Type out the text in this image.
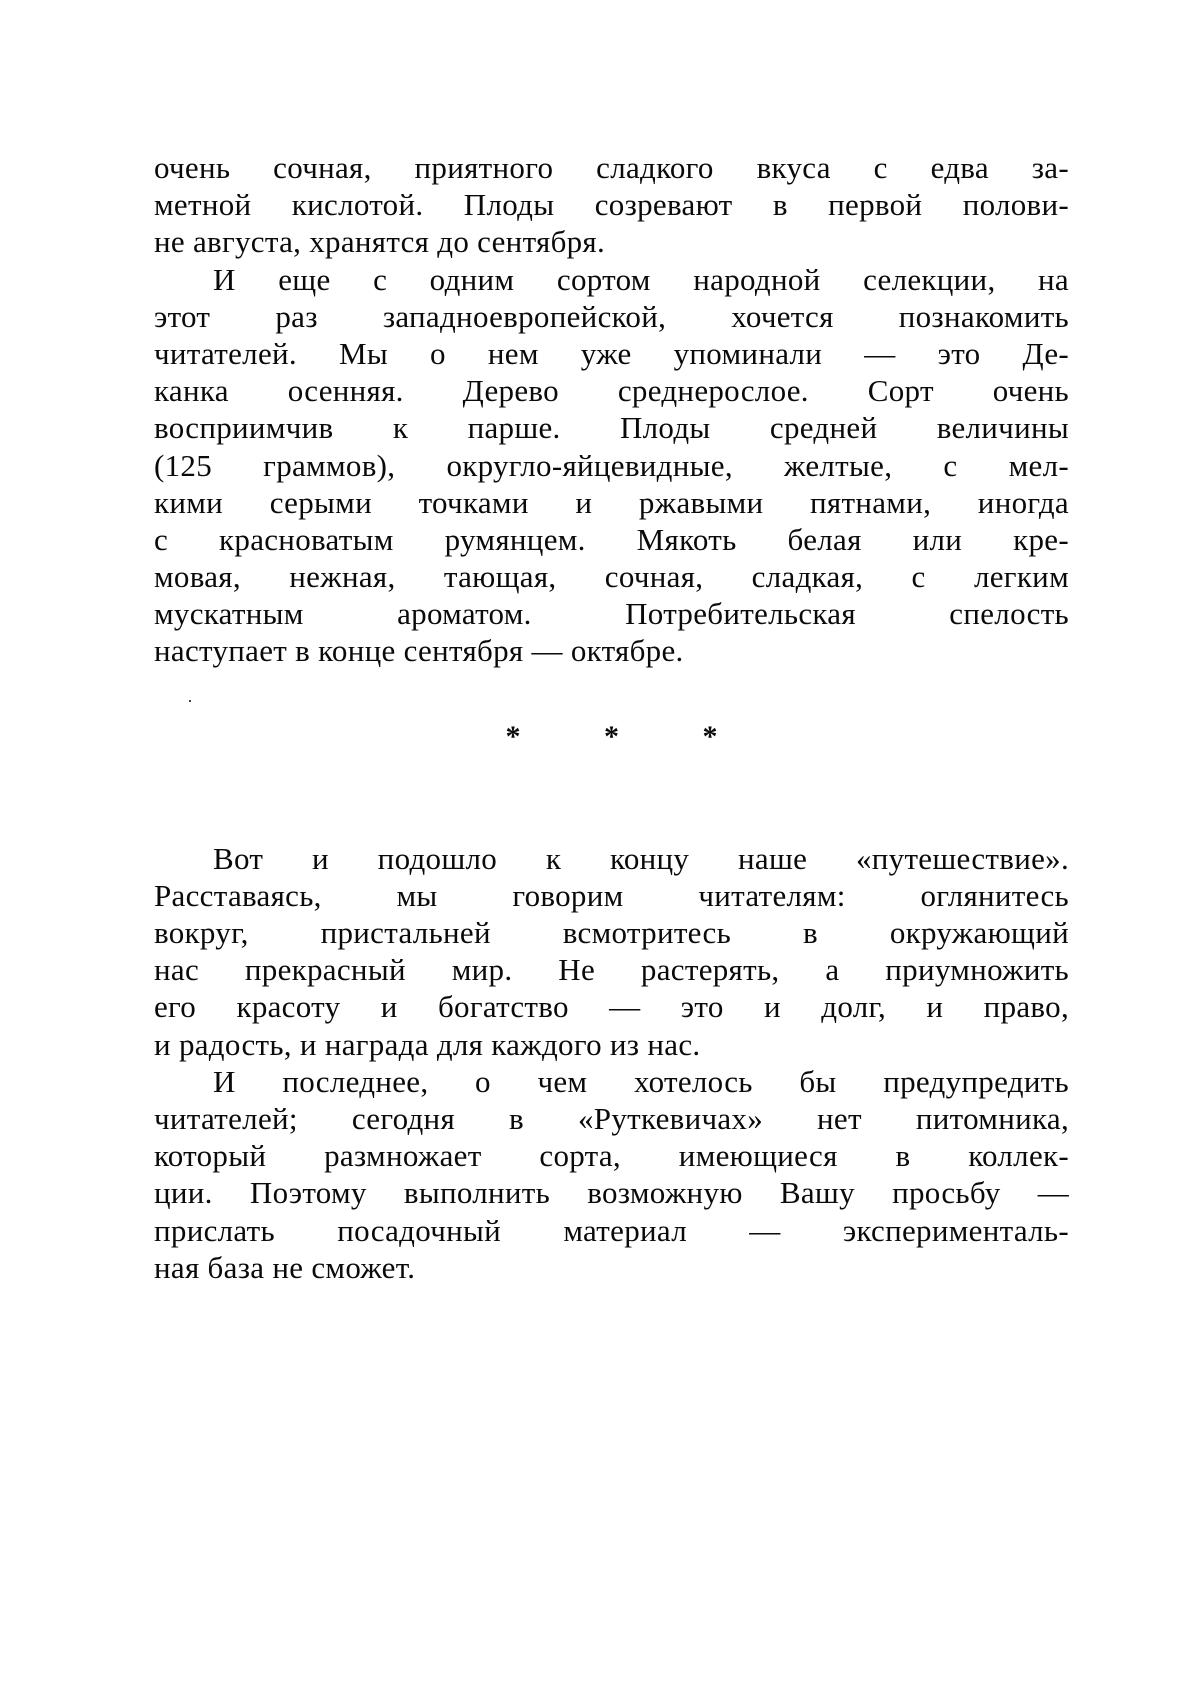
очень сочная, приятного сладкого вкуса с едва за-
метной кислотой. Плоды созревают в первой полови-
не августа, хранятся до сентября.
И еще с одним сортом народной селекции, на
этот раз западноевропейской, хочется познакомить
читателей. Мы о нем уже упоминали — это Де-
канка осенняя. Дерево среднерослое. Сорт очень
восприимчив к парше. Плоды средней величины
(125 граммов), округло-яйцевидные, желтые, с мел-
кими серыми точками и ржавыми пятнами, иногда
с красноватым румянцем. Мякоть белая или кре-
мовая, нежная, тающая, сочная, сладкая, с легким
мускатным ароматом. Потребительская спелость
наступает в конце сентября — октябре.
* * *
Вот и подошло к концу наше «путешествие».
Расставаясь, мы говорим читателям: оглянитесь
вокруг, пристальней всмотритесь в окружающий
нас прекрасный мир. Не растерять, а приумножить
его красоту и богатство — это и долг, и право,
и радость, и награда для каждого из нас.
И последнее, о чем хотелось бы предупредить
читателей; сегодня в «Руткевичах» нет питомника,
который размножает сорта, имеющиеся в коллек-
ции. Поэтому выполнить возможную Вашу просьбу —
прислать посадочный материал — эксперименталь-
ная база не сможет.
